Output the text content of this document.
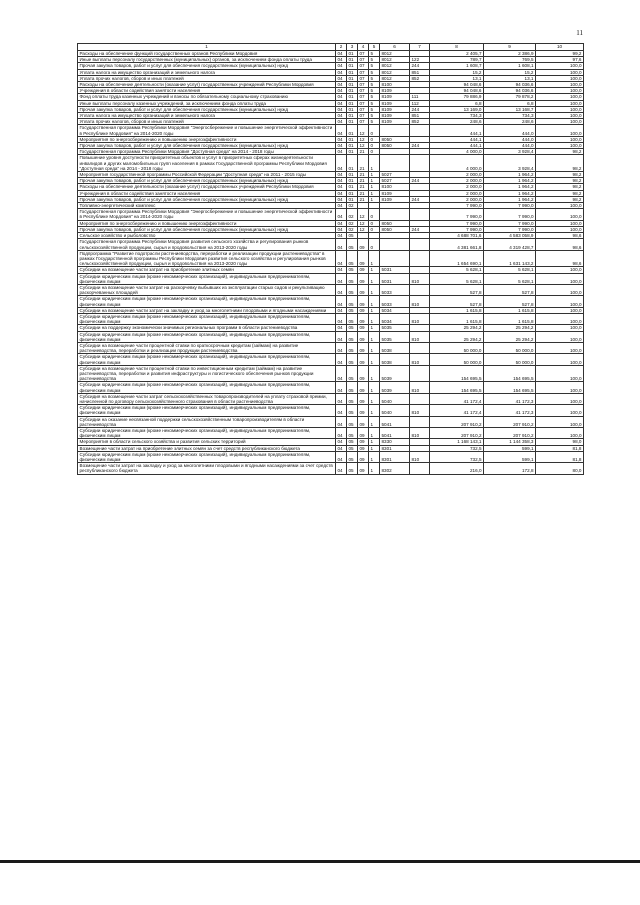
11
1	2	3	4	5	6	7	8	9	10
Расходы на обеспечение функций государственных органов Республики Мордовия	04	01	07	5	8012		2 405,7	2 386,9	99,2
Иные выплаты персоналу государственных (муниципальных) органов, за исключением фонда оплаты труда	04	01	07	5	8012	122	789,7	769,5	97,6
Прочая закупка товаров, работ и услуг для обеспечения государственных (муниципальных) нужд	04	01	07	5	8012	244	1 608,7	1 608,1	100,0
Уплата налога на имущество организаций и земельного налога	04	01	07	5	8012	851	15,2	15,2	100,0
Уплата прочих налогов, сборов и иных платежей	04	01	07	5	8012	852	13,1	13,1	100,0
Расходы на обеспечение деятельности (оказание услуг) государственных учреждений Республики Мордовия	04	01	07	5	8100		94 048,6	94 036,6	100,0
Учреждения в области содействия занятости населения	04	01	07	5	8109		94 048,6	94 036,6	100,0
Фонд оплаты труда казенных учреждений и взносы по обязательному социальному страхованию	04	01	07	5	8109	111	79 886,9	79 878,2	100,0
Иные выплаты персоналу казенных учреждений, за исключением фонда оплаты труда	04	01	07	5	8109	112	6,8	6,8	100,0
Прочая закупка товаров, работ и услуг для обеспечения государственных (муниципальных) нужд	04	01	07	5	8109	244	13 169,0	13 168,7	100,0
Уплата налога на имущество организаций и земельного налога	04	01	07	5	8109	851	734,3	734,3	100,0
Уплата прочих налогов, сборов и иных платежей	04	01	07	5	8109	852	248,6	248,6	100,0
Государственная программа Республики Мордовия "Энергосбережение и повышение энергетической эффективности в Республике Мордовия" на 2014-2020 годы	04	01	12	0			444,1	444,0	100,0
Мероприятия по энергосбережению и повышению энергоэффективности	04	01	12	0	8050		444,1	444,0	100,0
Прочая закупка товаров, работ и услуг для обеспечения государственных (муниципальных) нужд	04	01	12	0	8050	244	444,1	444,0	100,0
Государственная программа Республики Мордовия "Доступная среда" на 2014 - 2018 годы	04	01	21	0			4 000,0	3 928,4	98,2
Повышение уровня доступности приоритетных объектов и услуг в приоритетных сферах жизнедеятельности инвалидов и других маломобильных групп населения в рамках Государственной программы Республики Мордовия "Доступная среда" на 2014 - 2018 годы	04	01	21	1			4 000,0	3 928,4	98,2
Мероприятия государственной программы Российской Федерации "Доступная среда" на 2011 - 2015 годы	04	01	21	1	5027		2 000,0	1 964,2	98,2
Прочая закупка товаров, работ и услуг для обеспечения государственных (муниципальных) нужд	04	01	21	1	5027	244	2 000,0	1 964,2	98,2
Расходы на обеспечение деятельности (оказание услуг) государственных учреждений Республики Мордовия	04	01	21	1	8100		2 000,0	1 964,2	98,2
Учреждения в области содействия занятости населения	04	01	21	1	8109		2 000,0	1 964,2	98,2
Прочая закупка товаров, работ и услуг для обеспечения государственных (муниципальных) нужд	04	01	21	1	8109	244	2 000,0	1 964,2	98,2
Топливно-энергетический комплекс	04	02					7 990,0	7 990,0	100,0
Государственная программа Республики Мордовия "Энергосбережение и повышение энергетической эффективности в Республике Мордовия" на 2014-2020 годы	04	02	12	0			7 990,0	7 990,0	100,0
Мероприятия по энергосбережению и повышению энергоэффективности	04	02	12	0	8050		7 990,0	7 990,0	100,0
Прочая закупка товаров, работ и услуг для обеспечения государственных (муниципальных) нужд	04	02	12	0	8050	244	7 990,0	7 990,0	100,0
Сельское хозяйство и рыболовство	04	05					4 688 701,6	4 583 058,9	98,6
Государственная программа Республики Мордовия развития сельского хозяйства и регулирования рынков сельскохозяйственной продукции, сырья и продовольствия на 2013-2020 годы	04	05	09	0			4 381 661,8	4 319 428,7	98,6
Подпрограмма "Развитие подотрасли растениеводства, переработки и реализации продукции растениеводства" в рамках Государственной программы Республики Мордовия развития сельского хозяйства и регулирования рынков сельскохозяйственной продукции, сырья и продовольствия на 2013-2020 годы	04	05	09	1			1 654 690,1	1 631 143,2	98,6
Субсидии на возмещение части затрат на приобретение элитных семян	04	05	09	1	5031		5 628,1	5 628,1	100,0
Субсидии юридическим лицам (кроме некоммерческих организаций), индивидуальным предпринимателям, физическим лицам	04	05	09	1	5031	810	5 628,1	5 628,1	100,0
Субсидии на возмещение части затрат на раскорчевку выбывших из эксплуатации старых садов и рекультивацию раскорчеванных площадей	04	05	09	1	5033		527,8	527,8	100,0
Субсидии юридическим лицам (кроме некоммерческих организаций), индивидуальным предпринимателям, физическим лицам	04	05	09	1	5033	810	527,8	527,8	100,0
Субсидии на возмещение части затрат на закладку и уход за многолетними плодовыми и ягодными насаждениями	04	05	09	1	5034		1 615,8	1 615,8	100,0
Субсидии юридическим лицам (кроме некоммерческих организаций), индивидуальным предпринимателям, физическим лицам	04	05	09	1	5034	810	1 615,8	1 615,8	100,0
Субсидии на поддержку экономически значимых региональных программ в области растениеводства	04	05	09	1	5035		25 294,2	25 294,2	100,0
Субсидии юридическим лицам (кроме некоммерческих организаций), индивидуальным предпринимателям, физическим лицам	04	05	09	1	5035	810	25 294,2	25 294,2	100,0
Субсидии на возмещение части процентной ставки по краткосрочным кредитам (займам) на развитие растениеводства, переработки и реализации продукции растениеводства	04	05	09	1	5038		50 000,0	50 000,0	100,0
Субсидии юридическим лицам (кроме некоммерческих организаций), индивидуальным предпринимателям, физическим лицам	04	05	09	1	5038	810	50 000,0	50 000,0	100,0
Субсидии на возмещение части процентной ставки по инвестиционным кредитам (займам) на развитие растениеводства, переработки и развития инфраструктуры и логистического обеспечения рынков продукции растениеводства	04	05	09	1	5039		154 695,5	154 695,5	100,0
Субсидии юридическим лицам (кроме некоммерческих организаций), индивидуальным предпринимателям, физическим лицам	04	05	09	1	5039	810	154 695,5	154 695,5	100,0
Субсидия на возмещение части затрат сельскохозяйственных товаропроизводителей на уплату страховой премии, начисленной по договору сельскохозяйственного страхования в области растениеводства	04	05	09	1	5040		41 172,4	41 172,3	100,0
Субсидии юридическим лицам (кроме некоммерческих организаций), индивидуальным предпринимателям, физическим лицам	04	05	09	1	5040	810	41 172,4	41 172,3	100,0
Субсидии на оказание несвязанной поддержки сельскохозяйственным товаропроизводителям в области растениеводства	04	05	09	1	5041		207 910,2	207 910,2	100,0
Субсидии юридическим лицам (кроме некоммерческих организаций), индивидуальным предпринимателям, физическим лицам	04	05	09	1	5041	810	207 910,2	207 910,2	100,0
Мероприятия в области сельского хозяйства и развития сельских территорий	04	05	09	1	8330		1 168 143,1	1 144 358,3	98,0
Возмещение части затрат на приобретение элитных семян за счет средств республиканского бюджета	04	05	09	1	8301		732,5	599,1	81,8
Субсидии юридическим лицам (кроме некоммерческих организаций), индивидуальным предпринимателям, физическим лицам	04	05	09	1	8301	810	732,5	599,1	81,8
Возмещение части затрат на закладку и уход за многолетними плодовыми и ягодными насаждениями за счет средств республиканского бюджета	04	05	09	1	8302		216,0	172,8	80,0
